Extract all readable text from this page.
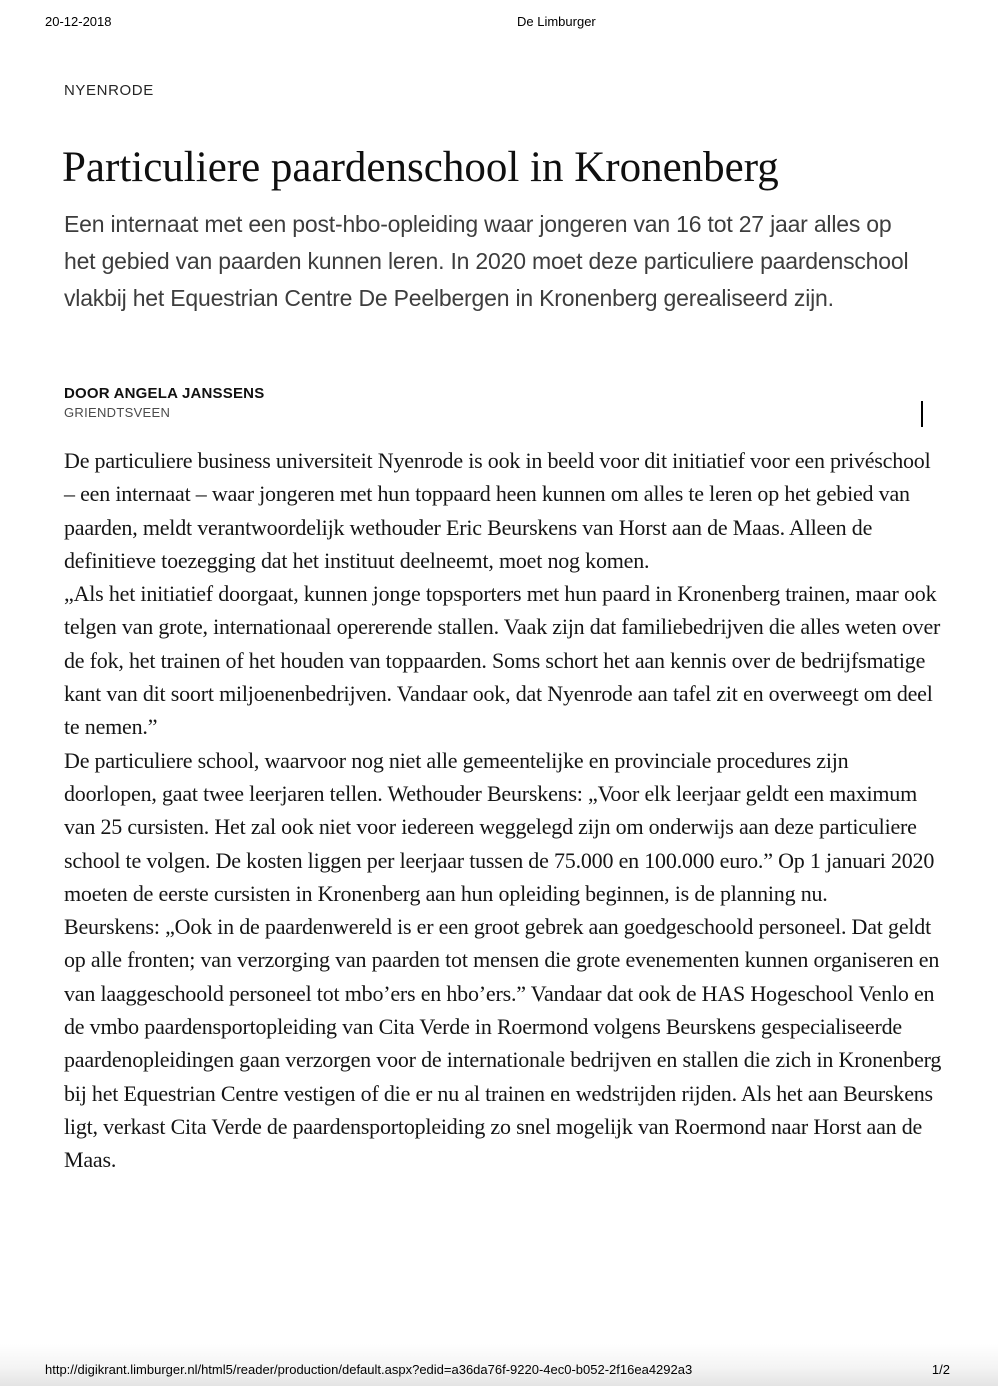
20-12-2018	De Limburger
NYENRODE
Particuliere paardenschool in Kronenberg
Een internaat met een post-hbo-opleiding waar jongeren van 16 tot 27 jaar alles op het gebied van paarden kunnen leren. In 2020 moet deze particuliere paardenschool vlakbij het Equestrian Centre De Peelbergen in Kronenberg gerealiseerd zijn.
DOOR ANGELA JANSSENS
GRIENDTSVEEN

De particuliere business universiteit Nyenrode is ook in beeld voor dit initiatief voor een privéschool – een internaat – waar jongeren met hun toppaard heen kunnen om alles te leren op het gebied van paarden, meldt verantwoordelijk wethouder Eric Beurskens van Horst aan de Maas. Alleen de definitieve toezegging dat het instituut deelneemt, moet nog komen.

„Als het initiatief doorgaat, kunnen jonge topsporters met hun paard in Kronenberg trainen, maar ook telgen van grote, internationaal opererende stallen. Vaak zijn dat familiebedrijven die alles weten over de fok, het trainen of het houden van toppaarden. Soms schort het aan kennis over de bedrijfsmatige kant van dit soort miljoenenbedrijven. Vandaar ook, dat Nyenrode aan tafel zit en overweegt om deel te nemen.”

De particuliere school, waarvoor nog niet alle gemeentelijke en provinciale procedures zijn doorlopen, gaat twee leerjaren tellen. Wethouder Beurskens: „Voor elk leerjaar geldt een maximum van 25 cursisten. Het zal ook niet voor iedereen weggelegd zijn om onderwijs aan deze particuliere school te volgen. De kosten liggen per leerjaar tussen de 75.000 en 100.000 euro.” Op 1 januari 2020 moeten de eerste cursisten in Kronenberg aan hun opleiding beginnen, is de planning nu.

Beurskens: „Ook in de paardenwereld is er een groot gebrek aan goedgeschoold personeel. Dat geldt op alle fronten; van verzorging van paarden tot mensen die grote evenementen kunnen organiseren en van laaggeschoold personeel tot mbo’ers en hbo’ers.” Vandaar dat ook de HAS Hogeschool Venlo en de vmbo paardensportopleiding van Cita Verde in Roermond volgens Beurskens gespecialiseerde paardenopleidingen gaan verzorgen voor de internationale bedrijven en stallen die zich in Kronenberg bij het Equestrian Centre vestigen of die er nu al trainen en wedstrijden rijden. Als het aan Beurskens ligt, verkast Cita Verde de paardensportopleiding zo snel mogelijk van Roermond naar Horst aan de Maas.

http://digikrant.limburger.nl/html5/reader/production/default.aspx?edid=a36da76f-9220-4ec0-b052-2f16ea4292a3	1/2
